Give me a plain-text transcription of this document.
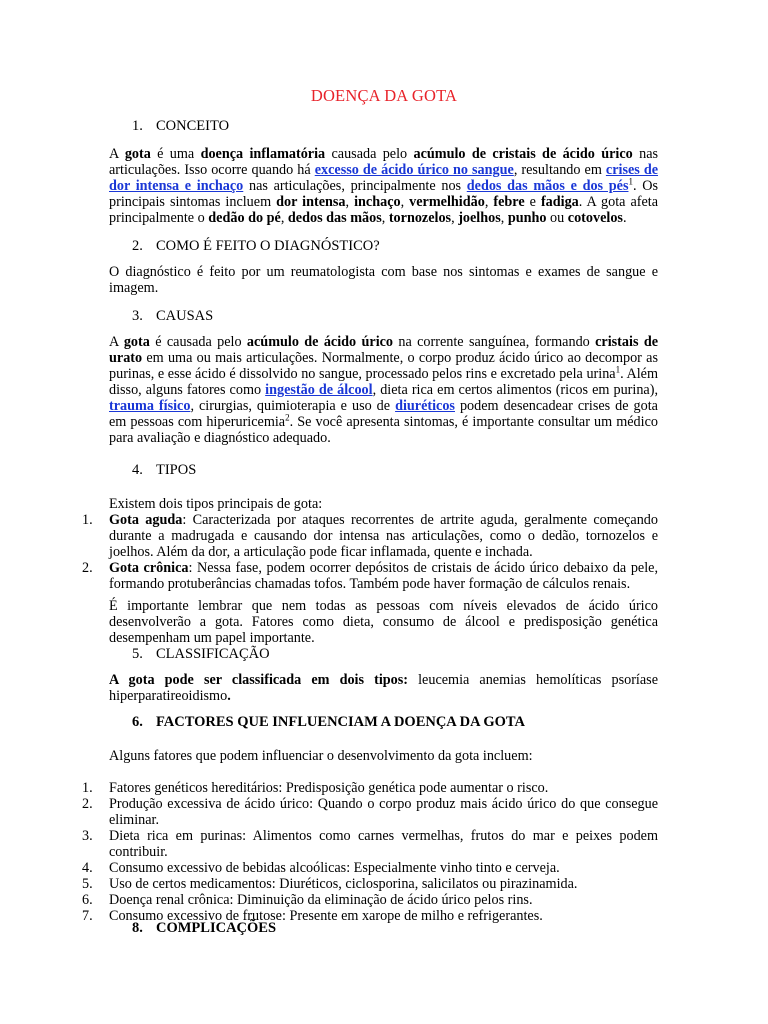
DOENÇA DA GOTA
1. CONCEITO
A gota é uma doença inflamatória causada pelo acúmulo de cristais de ácido úrico nas articulações. Isso ocorre quando há excesso de ácido úrico no sangue, resultando em crises de dor intensa e inchaço nas articulações, principalmente nos dedos das mãos e dos pés$^1$. Os principais sintomas incluem dor intensa, inchaço, vermelhidão, febre e fadiga. A gota afeta principalmente o dedão do pé, dedos das mãos, tornozelos, joelhos, punho ou cotovelos.
2. COMO É FEITO O DIAGNÓSTICO?
O diagnóstico é feito por um reumatologista com base nos sintomas e exames de sangue e imagem.
3. CAUSAS
A gota é causada pelo acúmulo de ácido úrico na corrente sanguínea, formando cristais de urato em uma ou mais articulações. Normalmente, o corpo produz ácido úrico ao decompor as purinas, e esse ácido é dissolvido no sangue, processado pelos rins e excretado pela urina$^1$. Além disso, alguns fatores como ingestão de álcool, dieta rica em certos alimentos (ricos em purina), trauma físico, cirurgias, quimioterapia e uso de diuréticos podem desencadear crises de gota em pessoas com hiperuricemia$^2$. Se você apresenta sintomas, é importante consultar um médico para avaliação e diagnóstico adequado.
4. TIPOS
Existem dois tipos principais de gota:
1. Gota aguda: Caracterizada por ataques recorrentes de artrite aguda, geralmente começando durante a madrugada e causando dor intensa nas articulações, como o dedão, tornozelos e joelhos. Além da dor, a articulação pode ficar inflamada, quente e inchada.
2. Gota crônica: Nessa fase, podem ocorrer depósitos de cristais de ácido úrico debaixo da pele, formando protuberâncias chamadas tofos. Também pode haver formação de cálculos renais.
É importante lembrar que nem todas as pessoas com níveis elevados de ácido úrico desenvolverão a gota. Fatores como dieta, consumo de álcool e predisposição genética desempenham um papel importante.
5. CLASSIFICAÇÃO
A gota pode ser classificada em dois tipos: leucemia anemias hemolíticas psoríase hiperparatireoidismo.
6. FACTORES QUE INFLUENCIAM A DOENÇA DA GOTA
Alguns fatores que podem influenciar o desenvolvimento da gota incluem:
1. Fatores genéticos hereditários: Predisposição genética pode aumentar o risco.
2. Produção excessiva de ácido úrico: Quando o corpo produz mais ácido úrico do que consegue eliminar.
3. Dieta rica em purinas: Alimentos como carnes vermelhas, frutos do mar e peixes podem contribuir.
4. Consumo excessivo de bebidas alcoólicas: Especialmente vinho tinto e cerveja.
5. Uso de certos medicamentos: Diuréticos, ciclosporina, salicilatos ou pirazinamida.
6. Doença renal crônica: Diminuição da eliminação de ácido úrico pelos rins.
7. Consumo excessivo de frutose: Presente em xarope de milho e refrigerantes.
8. COMPLICAÇÕES
